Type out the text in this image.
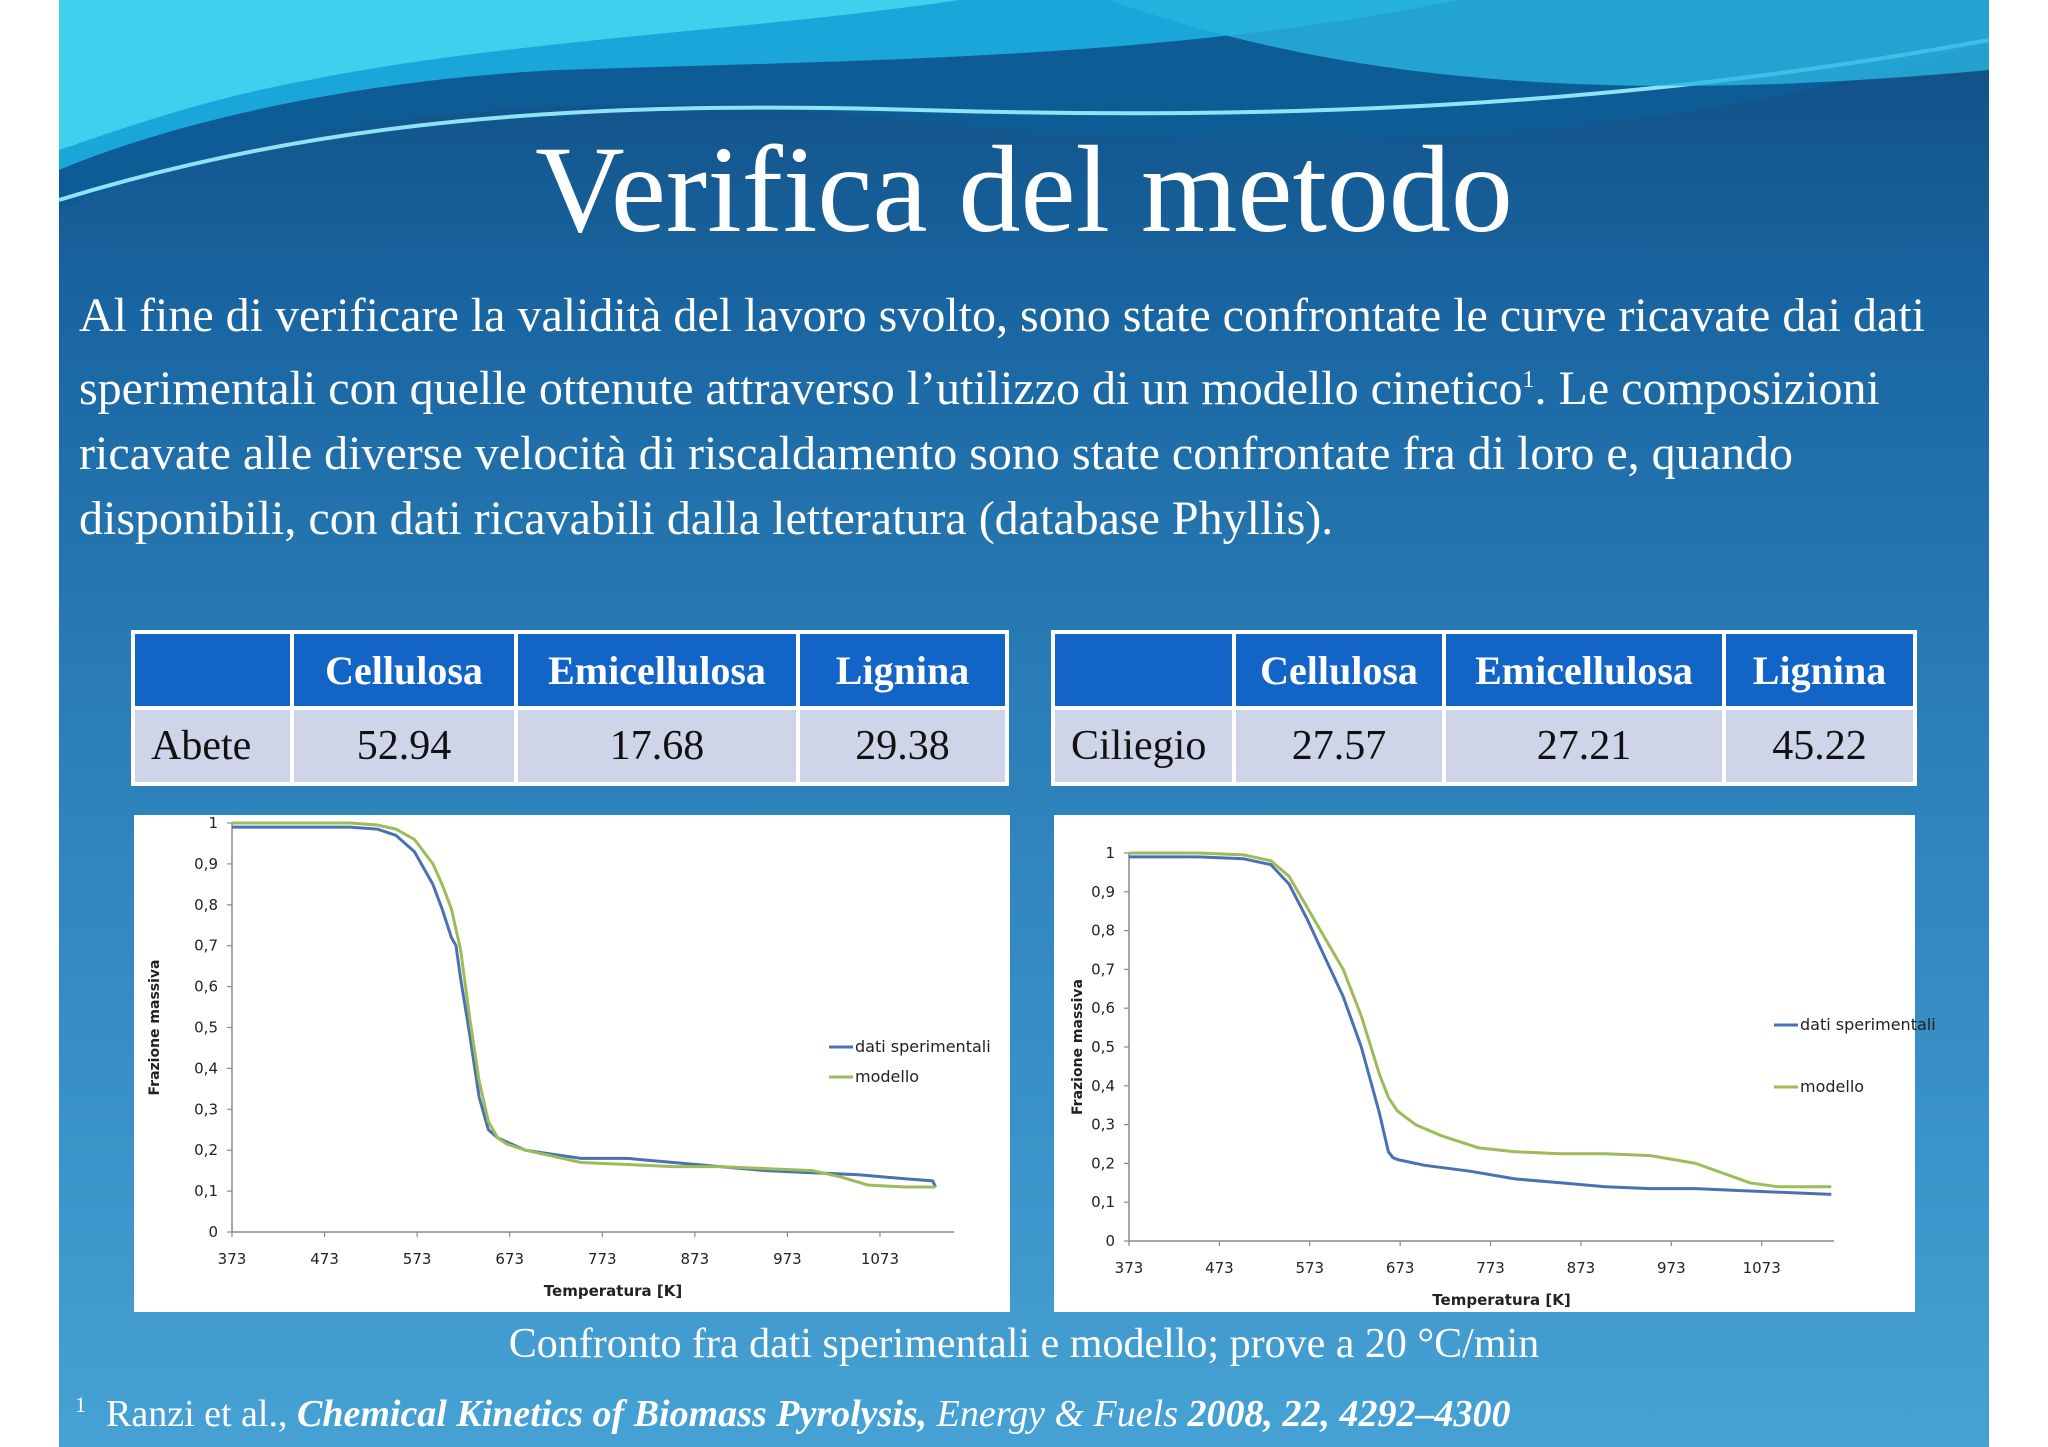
Verifica del metodo

Al fine di verificare la validità del lavoro svolto, sono state confrontate le curve ricavate dai dati sperimentali con quelle ottenute attraverso l’utilizzo di un modello cinetico$^1$. Le composizioni ricavate alle diverse velocità di riscaldamento sono state confrontate fra di loro e, quando disponibili, con dati ricavabili dalla letteratura (database Phyllis).

	Cellulosa	Emicellulosa	Lignina
Abete	52.94	17.68	29.38
	Cellulosa	Emicellulosa	Lignina
Ciliegio	27.57	27.21	45.22
0
0,1
0,2
0,3
0,4
0,5
0,6
0,7
0,8
0,9
1
373	473	573	673	773	873	973	1073
Temperatura [K]
Frazione massiva	dati sperimentali
modello
0
0,1
0,2
0,3
0,4
0,5
0,6
0,7
0,8
0,9
1
373	473	573	673	773	873	973	1073
Temperatura [K]
Frazione massiva	dati sperimentali
modello

Confronto fra dati sperimentali e modello; prove a 20 °C/min

$^1$ Ranzi et al., Chemical Kinetics of Biomass Pyrolysis, Energy & Fuels 2008, 22, 4292–4300
